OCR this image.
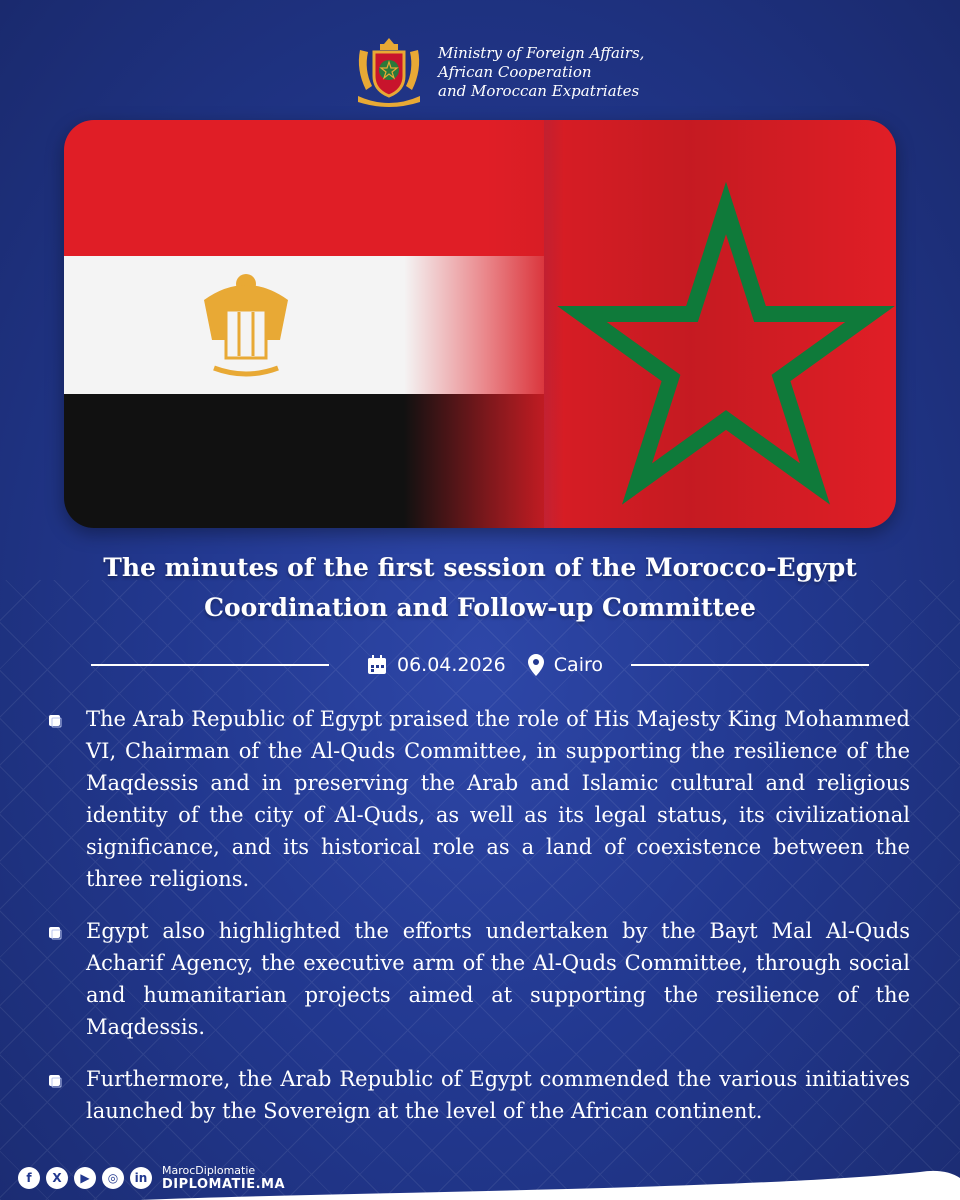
Ministry of Foreign Affairs,
African Cooperation
and Moroccan Expatriates
The minutes of the first session of the Morocco-Egypt Coordination and Follow-up Committee
06.04.2026	Cairo
The Arab Republic of Egypt praised the role of His Majesty King Mohammed VI, Chairman of the Al-Quds Committee, in supporting the resilience of the Maqdessis and in preserving the Arab and Islamic cultural and religious identity of the city of Al-Quds, as well as its legal status, its civilizational significance, and its historical role as a land of coexistence between the three religions.
Egypt also highlighted the efforts undertaken by the Bayt Mal Al-Quds Acharif Agency, the executive arm of the Al-Quds Committee, through social and humanitarian projects aimed at supporting the resilience of the Maqdessis.
Furthermore, the Arab Republic of Egypt commended the various initiatives launched by the Sovereign at the level of the African continent.
f	X	▶	◎	in
MarocDiplomatie
DIPLOMATIE.MA
